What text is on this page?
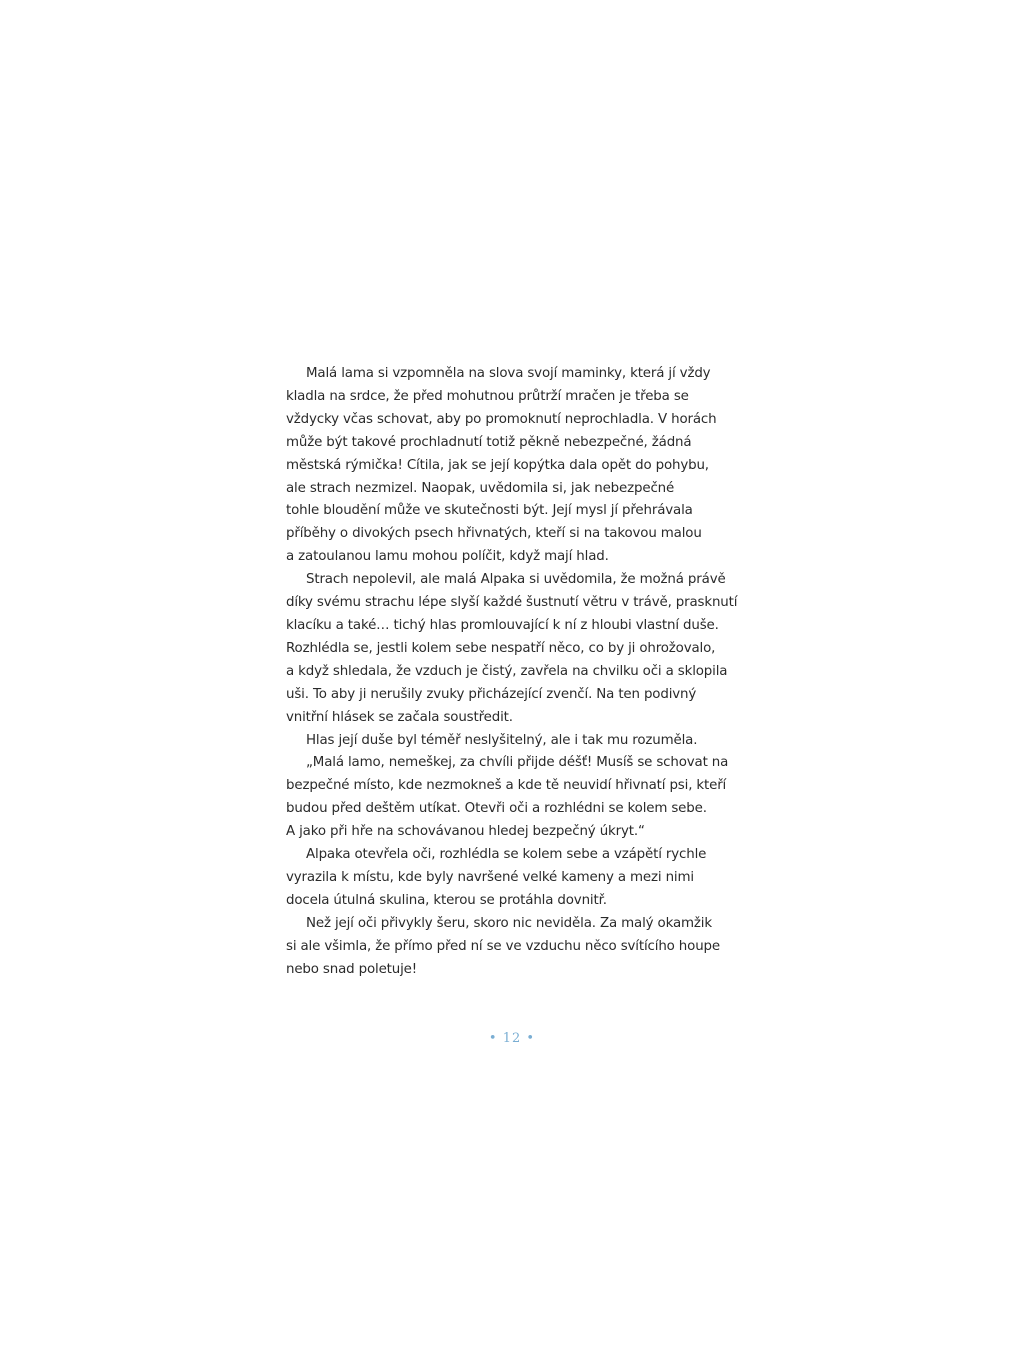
Malá lama si vzpomněla na slova svojí maminky, která jí vždy
kladla na srdce, že před mohutnou průtrží mračen je třeba se
vždycky včas schovat, aby po promoknutí neprochladla. V horách
může být takové prochladnutí totiž pěkně nebezpečné, žádná
městská rýmička! Cítila, jak se její kopýtka dala opět do pohybu,
ale strach nezmizel. Naopak, uvědomila si, jak nebezpečné
tohle bloudění může ve skutečnosti být. Její mysl jí přehrávala
příběhy o divokých psech hřivnatých, kteří si na takovou malou
a zatoulanou lamu mohou políčit, když mají hlad.

Strach nepolevil, ale malá Alpaka si uvědomila, že možná právě
díky svému strachu lépe slyší každé šustnutí větru v trávě, prasknutí
klacíku a také… tichý hlas promlouvající k ní z hloubi vlastní duše.
Rozhlédla se, jestli kolem sebe nespatří něco, co by ji ohrožovalo,
a když shledala, že vzduch je čistý, zavřela na chvilku oči a sklopila
uši. To aby ji nerušily zvuky přicházející zvenčí. Na ten podivný
vnitřní hlásek se začala soustředit.

Hlas její duše byl téměř neslyšitelný, ale i tak mu rozuměla.

„Malá lamo, nemeškej, za chvíli přijde déšť! Musíš se schovat na
bezpečné místo, kde nezmokneš a kde tě neuvidí hřivnatí psi, kteří
budou před deštěm utíkat. Otevři oči a rozhlédni se kolem sebe.
A jako při hře na schovávanou hledej bezpečný úkryt.“

Alpaka otevřela oči, rozhlédla se kolem sebe a vzápětí rychle
vyrazila k místu, kde byly navršené velké kameny a mezi nimi
docela útulná skulina, kterou se protáhla dovnitř.

Než její oči přivykly šeru, skoro nic neviděla. Za malý okamžik
si ale všimla, že přímo před ní se ve vzduchu něco svítícího houpe
nebo snad poletuje!

• 12 •
